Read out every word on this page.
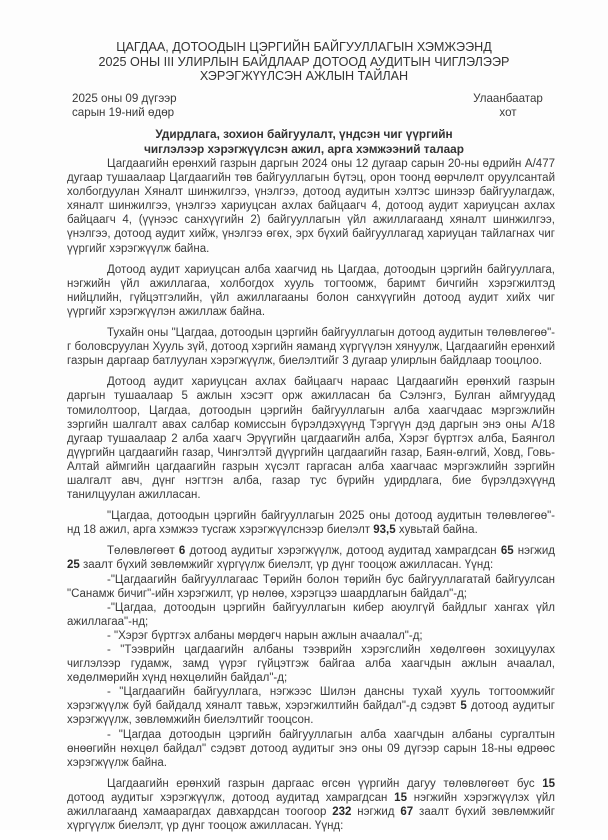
ЦАГДАА, ДОТООДЫН ЦЭРГИЙН БАЙГУУЛЛАГЫН ХЭМЖЭЭНД
2025 ОНЫ III УЛИРЛЫН БАЙДЛААР ДОТООД АУДИТЫН ЧИГЛЭЛЭЭР
ХЭРЭГЖҮҮЛСЭН АЖЛЫН ТАЙЛАН
2025 оны 09 дүгээр
сарын 19-ний өдөр
Улаанбаатар
хот
Удирдлага, зохион байгуулалт, үндсэн чиг үүргийн
чиглэлээр хэрэгжүүлсэн ажил, арга хэмжээний талаар

Цагдаагийн ерөнхий газрын даргын 2024 оны 12 дугаар сарын 20-ны өдрийн А/477 дугаар тушаалаар Цагдаагийн төв байгууллагын бүтэц, орон тоонд өөрчлөлт оруулсантай холбогдуулан Хяналт шинжилгээ, үнэлгээ, дотоод аудитын хэлтэс шинээр байгуулагдаж, хяналт шинжилгээ, үнэлгээ хариуцсан ахлах байцаагч 4, дотоод аудит хариуцсан ахлах байцаагч 4, (үүнээс санхүүгийн 2) байгууллагын үйл ажиллагаанд хяналт шинжилгээ, үнэлгээ, дотоод аудит хийж, үнэлгээ өгөх, эрх бүхий байгууллагад хариуцан тайлагнах чиг үүргийг хэрэгжүүлж байна.

Дотоод аудит хариуцсан алба хаагчид нь Цагдаа, дотоодын цэргийн байгууллага, нэгжийн үйл ажиллагаа, холбогдох хууль тогтоомж, баримт бичгийн хэрэгжилтэд нийцлийн, гүйцэтгэлийн, үйл ажиллагааны болон санхүүгийн дотоод аудит хийх чиг үүргийг хэрэгжүүлэн ажиллаж байна.

Тухайн оны "Цагдаа, дотоодын цэргийн байгууллагын дотоод аудитын төлөвлөгөө"-г боловсруулан Хууль зүй, дотоод хэргийн яаманд хүргүүлэн хянуулж, Цагдаагийн ерөнхий газрын даргаар батлуулан хэрэгжүүлж, биелэлтийг 3 дугаар улирлын байдлаар тооцлоо.

Дотоод аудит хариуцсан ахлах байцаагч нараас Цагдаагийн ерөнхий газрын даргын тушаалаар 5 ажлын хэсэгт орж ажилласан ба Сэлэнгэ, Булган аймгуудад томилолтоор, Цагдаа, дотоодын цэргийн байгууллагын алба хаагчдаас мэргэжлийн зэргийн шалгалт авах салбар комиссын бүрэлдэхүүнд Тэргүүн дэд даргын энэ оны А/18 дугаар тушаалаар 2 алба хаагч Эрүүгийн цагдаагийн алба, Хэрэг бүртгэх алба, Баянгол дүүргийн цагдаагийн газар, Чингэлтэй дүүргийн цагдаагийн газар, Баян-өлгий, Ховд, Говь-Алтай аймгийн цагдаагийн газрын хүсэлт гаргасан алба хаагчаас мэргэжлийн зэргийн шалгалт авч, дүнг нэгтгэн алба, газар тус бүрийн удирдлага, бие бүрэлдэхүүнд танилцуулан ажилласан.

"Цагдаа, дотоодын цэргийн байгууллагын 2025 оны дотоод аудитын төлөвлөгөө"-нд 18 ажил, арга хэмжээ тусгаж хэрэгжүүлснээр биелэлт 93,5 хувьтай байна.

Төлөвлөгөөт 6 дотоод аудитыг хэрэгжүүлж, дотоод аудитад хамрагдсан 65 нэгжид 25 заалт бүхий зөвлөмжийг хүргүүлж биелэлт, үр дүнг тооцож ажилласан. Үүнд:

-"Цагдаагийн байгууллагаас Төрийн болон төрийн бус байгууллагатай байгуулсан "Санамж бичиг"-ийн хэрэгжилт, үр нөлөө, хэрэгцээ шаардлагын байдал"-д;

-"Цагдаа, дотоодын цэргийн байгууллагын кибер аюулгүй байдлыг хангах үйл ажиллагаа"-нд;

- "Хэрэг бүртгэх албаны мөрдөгч нарын ажлын ачаалал"-д;

- "Тээврийн цагдаагийн албаны тээврийн хэрэгслийн хөдөлгөөн зохицуулах чиглэлээр гудамж, замд үүрэг гүйцэтгэж байгаа алба хаагчдын ажлын ачаалал, хөдөлмөрийн хүнд нөхцөлийн байдал"-д;

- "Цагдаагийн байгууллага, нэгжээс Шилэн дансны тухай хууль тогтоомжийг хэрэгжүүлж буй байдалд хяналт тавьж, хэрэгжилтийн байдал"-д сэдэвт 5 дотоод аудитыг хэрэгжүүлж, зөвлөмжийн биелэлтийг тооцсон.

- "Цагдаа дотоодын цэргийн байгууллагын алба хаагчдын албаны сургалтын өнөөгийн нөхцөл байдал" сэдэвт дотоод аудитыг энэ оны 09 дүгээр сарын 18-ны өдрөөс хэрэгжүүлж байна.

Цагдаагийн ерөнхий газрын даргаас өгсөн үүргийн дагуу төлөвлөгөөт бус 15 дотоод аудитыг хэрэгжүүлж, дотоод аудитад хамрагдсан 15 нэгжийн хэрэгжүүлэх үйл ажиллагаанд хамаарагдах давхардсан тоогоор 232 нэгжид 67 заалт бүхий зөвлөмжийг хүргүүлж биелэлт, үр дүнг тооцож ажилласан. Үүнд:
